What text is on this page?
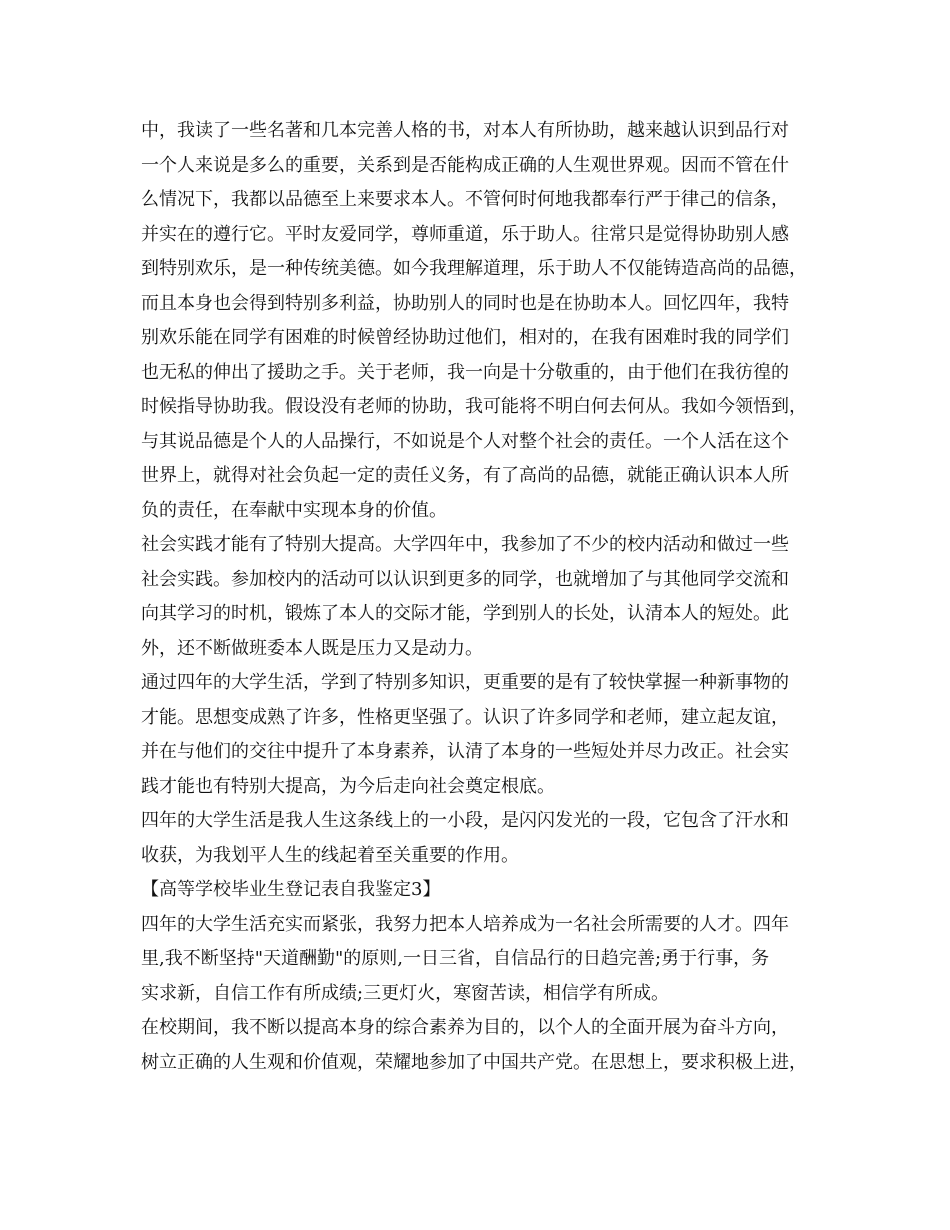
中，我读了一些名著和几本完善人格的书，对本人有所协助，越来越认识到品行对
一个人来说是多么的重要，关系到是否能构成正确的人生观世界观。因而不管在什
么情况下，我都以品德至上来要求本人。不管何时何地我都奉行严于律己的信条，
并实在的遵行它。平时友爱同学，尊师重道，乐于助人。往常只是觉得协助别人感
到特别欢乐，是一种传统美德。如今我理解道理，乐于助人不仅能铸造高尚的品德，
而且本身也会得到特别多利益，协助别人的同时也是在协助本人。回忆四年，我特
别欢乐能在同学有困难的时候曾经协助过他们，相对的，在我有困难时我的同学们
也无私的伸出了援助之手。关于老师，我一向是十分敬重的，由于他们在我彷徨的
时候指导协助我。假设没有老师的协助，我可能将不明白何去何从。我如今领悟到，
与其说品德是个人的人品操行，不如说是个人对整个社会的责任。一个人活在这个
世界上，就得对社会负起一定的责任义务，有了高尚的品德，就能正确认识本人所
负的责任，在奉献中实现本身的价值。
社会实践才能有了特别大提高。大学四年中，我参加了不少的校内活动和做过一些
社会实践。参加校内的活动可以认识到更多的同学，也就增加了与其他同学交流和
向其学习的时机，锻炼了本人的交际才能，学到别人的长处，认清本人的短处。此
外，还不断做班委本人既是压力又是动力。
通过四年的大学生活，学到了特别多知识，更重要的是有了较快掌握一种新事物的
才能。思想变成熟了许多，性格更坚强了。认识了许多同学和老师，建立起友谊，
并在与他们的交往中提升了本身素养，认清了本身的一些短处并尽力改正。社会实
践才能也有特别大提高，为今后走向社会奠定根底。
四年的大学生活是我人生这条线上的一小段，是闪闪发光的一段，它包含了汗水和
收获，为我划平人生的线起着至关重要的作用。
【高等学校毕业生登记表自我鉴定3】
四年的大学生活充实而紧张，我努力把本人培养成为一名社会所需要的人才。四年
里,我不断坚持"天道酬勤"的原则,一日三省，自信品行的日趋完善;勇于行事，务
实求新，自信工作有所成绩;三更灯火，寒窗苦读，相信学有所成。
在校期间，我不断以提高本身的综合素养为目的，以个人的全面开展为奋斗方向，
树立正确的人生观和价值观，荣耀地参加了中国共产党。在思想上，要求积极上进，
